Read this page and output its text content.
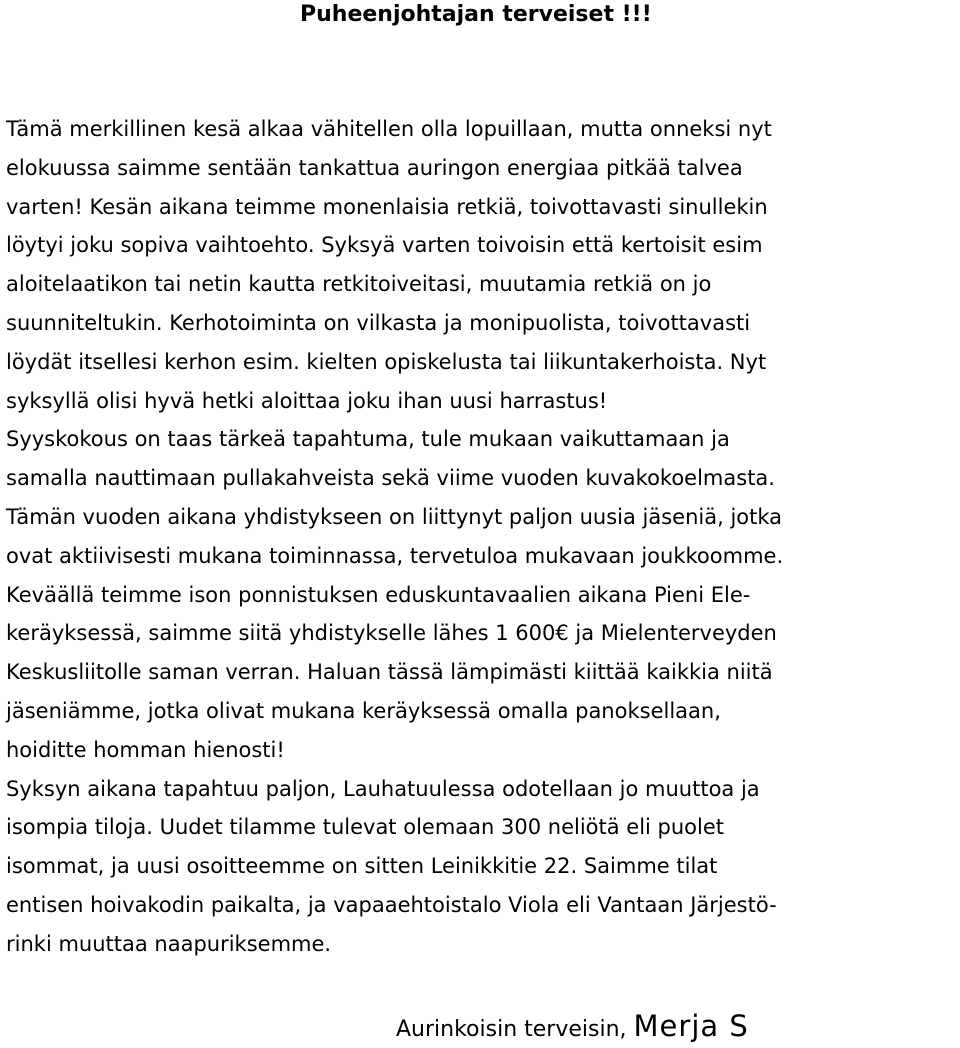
Puheenjohtajan terveiset !!!
Tämä merkillinen kesä alkaa vähitellen olla lopuillaan, mutta onneksi nyt
elokuussa saimme sentään tankattua auringon energiaa pitkää talvea
varten! Kesän aikana teimme monenlaisia retkiä, toivottavasti sinullekin
löytyi joku sopiva vaihtoehto. Syksyä varten toivoisin että kertoisit esim
aloitelaatikon tai netin kautta retkitoiveitasi, muutamia retkiä on jo
suunniteltukin. Kerhotoiminta on vilkasta ja monipuolista, toivottavasti
löydät itsellesi kerhon esim. kielten opiskelusta tai liikuntakerhoista. Nyt
syksyllä olisi hyvä hetki aloittaa joku ihan uusi harrastus!
Syyskokous on taas tärkeä tapahtuma, tule mukaan vaikuttamaan ja
samalla nauttimaan pullakahveista sekä viime vuoden kuvakokoelmasta.
Tämän vuoden aikana yhdistykseen on liittynyt paljon uusia jäseniä, jotka
ovat aktiivisesti mukana toiminnassa, tervetuloa mukavaan joukkoomme.
Keväällä teimme ison ponnistuksen eduskuntavaalien aikana Pieni Ele-
keräyksessä, saimme siitä yhdistykselle lähes 1 600€ ja Mielenterveyden
Keskusliitolle saman verran. Haluan tässä lämpimästi kiittää kaikkia niitä
jäseniämme, jotka olivat mukana keräyksessä omalla panoksellaan,
hoiditte homman hienosti!
Syksyn aikana tapahtuu paljon, Lauhatuulessa odotellaan jo muuttoa ja
isompia tiloja. Uudet tilamme tulevat olemaan 300 neliötä eli puolet
isommat, ja uusi osoitteemme on sitten Leinikkitie 22. Saimme tilat
entisen hoivakodin paikalta, ja vapaaehtoistalo Viola eli Vantaan Järjestö-
rinki muuttaa naapuriksemme.
Aurinkoisin terveisin, Merja S
